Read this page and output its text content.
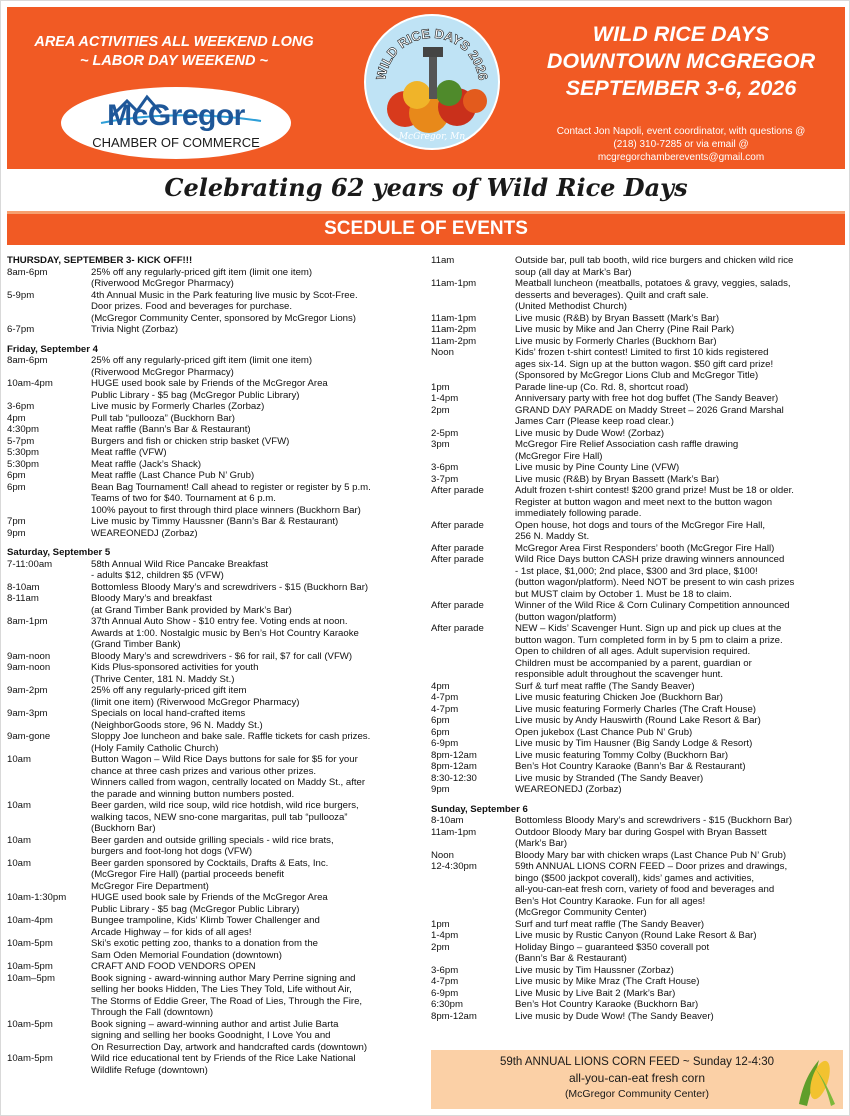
AREA ACTIVITIES ALL WEEKEND LONG
~ LABOR DAY WEEKEND ~
McGregor
CHAMBER OF COMMERCE
WILD RICE DAYS 2026
McGregor, Mn
WILD RICE DAYS
DOWNTOWN MCGREGOR
SEPTEMBER 3-6, 2026
Contact Jon Napoli, event coordinator, with questions @
(218) 310-7285 or via email @
mcgregorchamberevents@gmail.com
Celebrating 62 years of Wild Rice Days
SCEDULE OF EVENTS
THURSDAY, SEPTEMBER 3- KICK OFF!!!
8am-6pm	25% off any regularly-priced gift item (limit one item)
(Riverwood McGregor Pharmacy)
5-9pm	4th Annual Music in the Park featuring live music by Scot-Free.
Door prizes. Food and beverages for purchase.
(McGregor Community Center, sponsored by McGregor Lions)
6-7pm	Trivia Night (Zorbaz)
Friday, September 4
8am-6pm	25% off any regularly-priced gift item (limit one item)
(Riverwood McGregor Pharmacy)
10am-4pm	HUGE used book sale by Friends of the McGregor Area
Public Library - $5 bag (McGregor Public Library)
3-6pm	Live music by Formerly Charles (Zorbaz)
4pm	Pull tab “pullooza” (Buckhorn Bar)
4:30pm	Meat raffle (Bann’s Bar & Restaurant)
5-7pm	Burgers and fish or chicken strip basket (VFW)
5:30pm	Meat raffle (VFW)
5:30pm	Meat raffle (Jack’s Shack)
6pm	Meat raffle (Last Chance Pub N’ Grub)
6pm	Bean Bag Tournament! Call ahead to register or register by 5 p.m.
Teams of two for $40. Tournament at 6 p.m.
100% payout to first through third place winners (Buckhorn Bar)
7pm	Live music by Timmy Haussner (Bann’s Bar & Restaurant)
9pm	WEAREONEDJ (Zorbaz)
Saturday, September 5
7-11:00am	58th Annual Wild Rice Pancake Breakfast
- adults $12, children $5 (VFW)
8-10am	Bottomless Bloody Mary’s and screwdrivers - $15 (Buckhorn Bar)
8-11am	Bloody Mary’s and breakfast
(at Grand Timber Bank provided by Mark’s Bar)
8am-1pm	37th Annual Auto Show - $10 entry fee. Voting ends at noon.
Awards at 1:00. Nostalgic music by Ben’s Hot Country Karaoke
(Grand Timber Bank)
9am-noon	Bloody Mary’s and screwdrivers - $6 for rail, $7 for call (VFW)
9am-noon	Kids Plus-sponsored activities for youth
(Thrive Center, 181 N. Maddy St.)
9am-2pm	25% off any regularly-priced gift item
(limit one item) (Riverwood McGregor Pharmacy)
9am-3pm	Specials on local hand-crafted items
(NeighborGoods store, 96 N. Maddy St.)
9am-gone	Sloppy Joe luncheon and bake sale. Raffle tickets for cash prizes.
(Holy Family Catholic Church)
10am	Button Wagon – Wild Rice Days buttons for sale for $5 for your
chance at three cash prizes and various other prizes.
Winners called from wagon, centrally located on Maddy St., after
the parade and winning button numbers posted.
10am	Beer garden, wild rice soup, wild rice hotdish, wild rice burgers,
walking tacos, NEW sno-cone margaritas, pull tab “pullooza”
(Buckhorn Bar)
10am	Beer garden and outside grilling specials - wild rice brats,
burgers and foot-long hot dogs (VFW)
10am	Beer garden sponsored by Cocktails, Drafts & Eats, Inc.
(McGregor Fire Hall) (partial proceeds benefit
McGregor Fire Department)
10am-1:30pm	HUGE used book sale by Friends of the McGregor Area
Public Library - $5 bag (McGregor Public Library)
10am-4pm	Bungee trampoline, Kids’ Klimb Tower Challenger and
Arcade Highway – for kids of all ages!
10am-5pm	Ski’s exotic petting zoo, thanks to a donation from the
Sam Oden Memorial Foundation (downtown)
10am-5pm	CRAFT AND FOOD VENDORS OPEN
10am–5pm	Book signing - award-winning author Mary Perrine signing and
selling her books Hidden, The Lies They Told, Life without Air,
The Storms of Eddie Greer, The Road of Lies, Through the Fire,
Through the Fall (downtown)
10am-5pm	Book signing – award-winning author and artist Julie Barta
signing and selling her books Goodnight, I Love You and
On Resurrection Day, artwork and handcrafted cards (downtown)
10am-5pm	Wild rice educational tent by Friends of the Rice Lake National
Wildlife Refuge (downtown)
11am	Outside bar, pull tab booth, wild rice burgers and chicken wild rice
soup (all day at Mark’s Bar)
11am-1pm	Meatball luncheon (meatballs, potatoes & gravy, veggies, salads,
desserts and beverages). Quilt and craft sale.
(United Methodist Church)
11am-1pm	Live music (R&B) by Bryan Bassett (Mark’s Bar)
11am-2pm	Live music by Mike and Jan Cherry (Pine Rail Park)
11am-2pm	Live music by Formerly Charles (Buckhorn Bar)
Noon	Kids’ frozen t-shirt contest! Limited to first 10 kids registered
ages six-14. Sign up at the button wagon. $50 gift card prize!
(Sponsored by McGregor Lions Club and McGregor Title)
1pm	Parade line-up (Co. Rd. 8, shortcut road)
1-4pm	Anniversary party with free hot dog buffet (The Sandy Beaver)
2pm	GRAND DAY PARADE on Maddy Street – 2026 Grand Marshal
James Carr (Please keep road clear.)
2-5pm	Live music by Dude Wow! (Zorbaz)
3pm	McGregor Fire Relief Association cash raffle drawing
(McGregor Fire Hall)
3-6pm	Live music by Pine County Line (VFW)
3-7pm	Live music (R&B) by Bryan Bassett (Mark’s Bar)
After parade	Adult frozen t-shirt contest! $200 grand prize! Must be 18 or older.
Register at button wagon and meet next to the button wagon
immediately following parade.
After parade	Open house, hot dogs and tours of the McGregor Fire Hall,
256 N. Maddy St.
After parade	McGregor Area First Responders’ booth (McGregor Fire Hall)
After parade	Wild Rice Days button CASH prize drawing winners announced
- 1st place, $1,000; 2nd place, $300 and 3rd place, $100!
(button wagon/platform). Need NOT be present to win cash prizes
but MUST claim by October 1. Must be 18 to claim.
After parade	Winner of the Wild Rice & Corn Culinary Competition announced
(button wagon/platform)
After parade	NEW – Kids’ Scavenger Hunt. Sign up and pick up clues at the
button wagon. Turn completed form in by 5 pm to claim a prize.
Open to children of all ages. Adult supervision required.
Children must be accompanied by a parent, guardian or
responsible adult throughout the scavenger hunt.
4pm	Surf & turf meat raffle (The Sandy Beaver)
4-7pm	Live music featuring Chicken Joe (Buckhorn Bar)
4-7pm	Live music featuring Formerly Charles (The Craft House)
6pm	Live music by Andy Hauswirth (Round Lake Resort & Bar)
6pm	Open jukebox (Last Chance Pub N’ Grub)
6-9pm	Live music by Tim Hausner (Big Sandy Lodge & Resort)
8pm-12am	Live music featuring Tommy Colby (Buckhorn Bar)
8pm-12am	Ben’s Hot Country Karaoke (Bann’s Bar & Restaurant)
8:30-12:30	Live music by Stranded (The Sandy Beaver)
9pm	WEAREONEDJ (Zorbaz)
Sunday, September 6
8-10am	Bottomless Bloody Mary’s and screwdrivers - $15 (Buckhorn Bar)
11am-1pm	Outdoor Bloody Mary bar during Gospel with Bryan Bassett
(Mark’s Bar)
Noon	Bloody Mary bar with chicken wraps (Last Chance Pub N’ Grub)
12-4:30pm	59th ANNUAL LIONS CORN FEED – Door prizes and drawings,
bingo ($500 jackpot coverall), kids’ games and activities,
all-you-can-eat fresh corn, variety of food and beverages and
Ben’s Hot Country Karaoke. Fun for all ages!
(McGregor Community Center)
1pm	Surf and turf meat raffle (The Sandy Beaver)
1-4pm	Live music by Rustic Canyon (Round Lake Resort & Bar)
2pm	Holiday Bingo – guaranteed $350 coverall pot
(Bann’s Bar & Restaurant)
3-6pm	Live music by Tim Haussner (Zorbaz)
4-7pm	Live music by Mike Mraz (The Craft House)
6-9pm	Live Music by Live Bait 2 (Mark’s Bar)
6:30pm	Ben’s Hot Country Karaoke (Buckhorn Bar)
8pm-12am	Live music by Dude Wow! (The Sandy Beaver)
59th ANNUAL LIONS CORN FEED ~ Sunday 12-4:30
all-you-can-eat fresh corn
(McGregor Community Center)
